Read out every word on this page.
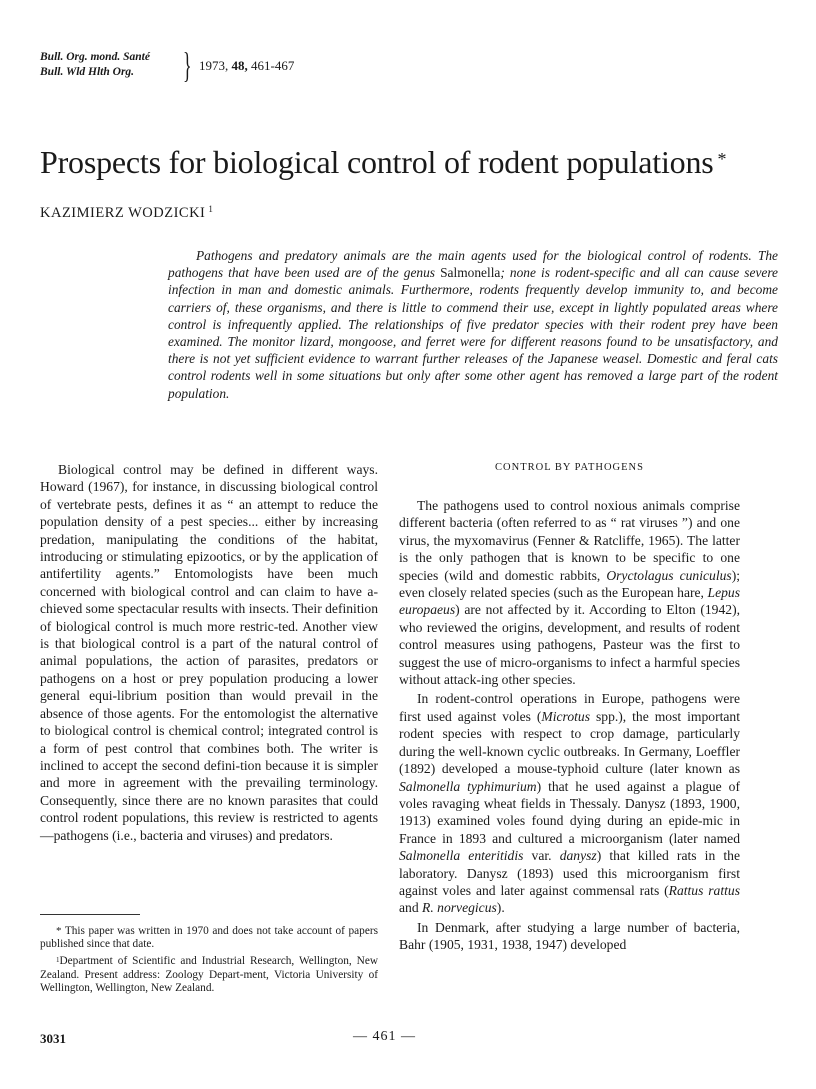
Bull. Org. mond. Santé
Bull. Wld Hlth Org.	} 1973, 48, 461-467
Prospects for biological control of rodent populations *
KAZIMIERZ WODZICKI $^1$

Pathogens and predatory animals are the main agents used for the biological control of rodents. The pathogens that have been used are of the genus Salmonella; none is rodent-specific and all can cause severe infection in man and domestic animals. Furthermore, rodents frequently develop immunity to, and become carriers of, these organisms, and there is little to commend their use, except in lightly populated areas where control is infrequently applied. The relationships of five predator species with their rodent prey have been examined. The monitor lizard, mongoose, and ferret were for different reasons found to be unsatisfactory, and there is not yet sufficient evidence to warrant further releases of the Japanese weasel. Domestic and feral cats control rodents well in some situations but only after some other agent has removed a large part of the rodent population.

Biological control may be defined in different ways. Howard (1967), for instance, in discussing biological control of vertebrate pests, defines it as “ an attempt to reduce the population density of a pest species... either by increasing predation, manipulating the conditions of the habitat, introducing or stimulating epizootics, or by the application of antifertility agents.” Entomologists have been much concerned with biological control and can claim to have a-chieved some spectacular results with insects. Their definition of biological control is much more restric-ted. Another view is that biological control is a part of the natural control of animal populations, the action of parasites, predators or pathogens on a host or prey population producing a lower general equi-librium position than would prevail in the absence of those agents. For the entomologist the alternative to biological control is chemical control; integrated control is a form of pest control that combines both. The writer is inclined to accept the second defini-tion because it is simpler and more in agreement with the prevailing terminology. Consequently, since there are no known parasites that could control rodent populations, this review is restricted to agents—pathogens (i.e., bacteria and viruses) and predators.

CONTROL BY PATHOGENS

The pathogens used to control noxious animals comprise different bacteria (often referred to as “ rat viruses ”) and one virus, the myxomavirus (Fenner & Ratcliffe, 1965). The latter is the only pathogen that is known to be specific to one species (wild and domestic rabbits, Oryctolagus cuniculus); even closely related species (such as the European hare, Lepus europaeus) are not affected by it. According to Elton (1942), who reviewed the origins, development, and results of rodent control measures using pathogens, Pasteur was the first to suggest the use of micro-organisms to infect a harmful species without attack-ing other species.

In rodent-control operations in Europe, pathogens were first used against voles (Microtus spp.), the most important rodent species with respect to crop damage, particularly during the well-known cyclic outbreaks. In Germany, Loeffler (1892) developed a mouse-typhoid culture (later known as Salmonella typhimurium) that he used against a plague of voles ravaging wheat fields in Thessaly. Danysz (1893, 1900, 1913) examined voles found dying during an epide-mic in France in 1893 and cultured a microorganism (later named Salmonella enteritidis var. danysz) that killed rats in the laboratory. Danysz (1893) used this microorganism first against voles and later against commensal rats (Rattus rattus and R. norvegicus).

In Denmark, after studying a large number of bacteria, Bahr (1905, 1931, 1938, 1947) developed

* This paper was written in 1970 and does not take account of papers published since that date.

$^1$Department of Scientific and Industrial Research, Wellington, New Zealand. Present address: Zoology Depart-ment, Victoria University of Wellington, Wellington, New Zealand.

3031	— 461 —
